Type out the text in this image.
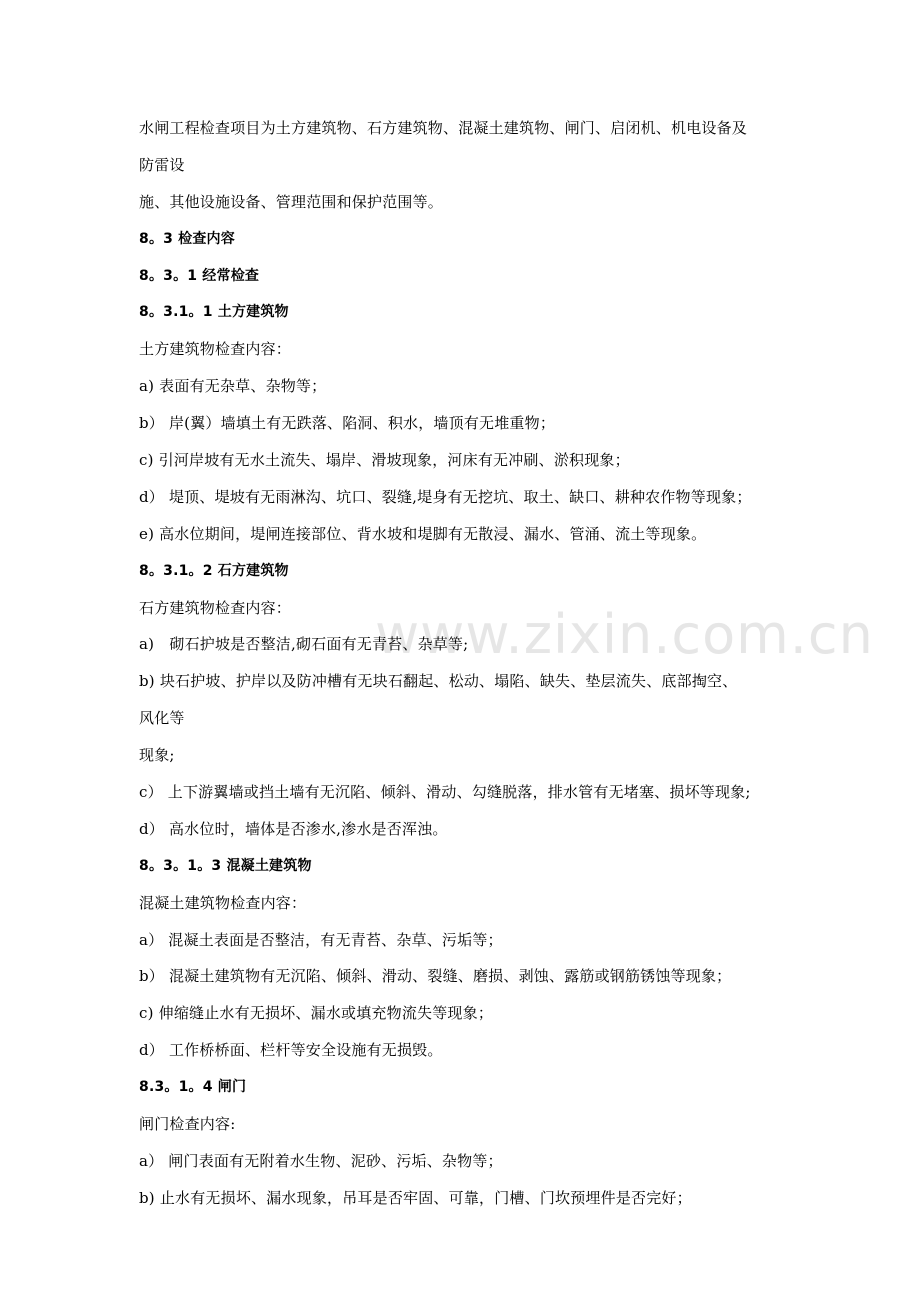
www.zixin.com.cn
水闸工程检查项目为土方建筑物、石方建筑物、混凝土建筑物、闸门、启闭机、机电设备及
防雷设
施、其他设施设备、管理范围和保护范围等。
8。3 检查内容
8。3。1 经常检查
8。3.1。1 土方建筑物
土方建筑物检查内容：
a) 表面有无杂草、杂物等；
b） 岸(翼）墙填土有无跌落、陷洞、积水，墙顶有无堆重物；
c) 引河岸坡有无水土流失、塌岸、滑坡现象，河床有无冲刷、淤积现象；
d） 堤顶、堤坡有无雨淋沟、坑口、裂缝,堤身有无挖坑、取土、缺口、耕种农作物等现象；
e) 高水位期间，堤闸连接部位、背水坡和堤脚有无散浸、漏水、管涌、流土等现象。
8。3.1。2 石方建筑物
石方建筑物检查内容：
a)　砌石护坡是否整洁,砌石面有无青苔、杂草等;
b) 块石护坡、护岸以及防冲槽有无块石翻起、松动、塌陷、缺失、垫层流失、底部掏空、
风化等
现象;
c） 上下游翼墙或挡土墙有无沉陷、倾斜、滑动、勾缝脱落，排水管有无堵塞、损坏等现象;
d） 高水位时，墙体是否渗水,渗水是否浑浊。
8。3。1。3 混凝土建筑物
混凝土建筑物检查内容：
a） 混凝土表面是否整洁，有无青苔、杂草、污垢等；
b） 混凝土建筑物有无沉陷、倾斜、滑动、裂缝、磨损、剥蚀、露筋或钢筋锈蚀等现象；
c) 伸缩缝止水有无损坏、漏水或填充物流失等现象；
d） 工作桥桥面、栏杆等安全设施有无损毁。
8.3。1。4 闸门
闸门检查内容:
a） 闸门表面有无附着水生物、泥砂、污垢、杂物等；
b) 止水有无损坏、漏水现象，吊耳是否牢固、可靠，门槽、门坎预埋件是否完好；
